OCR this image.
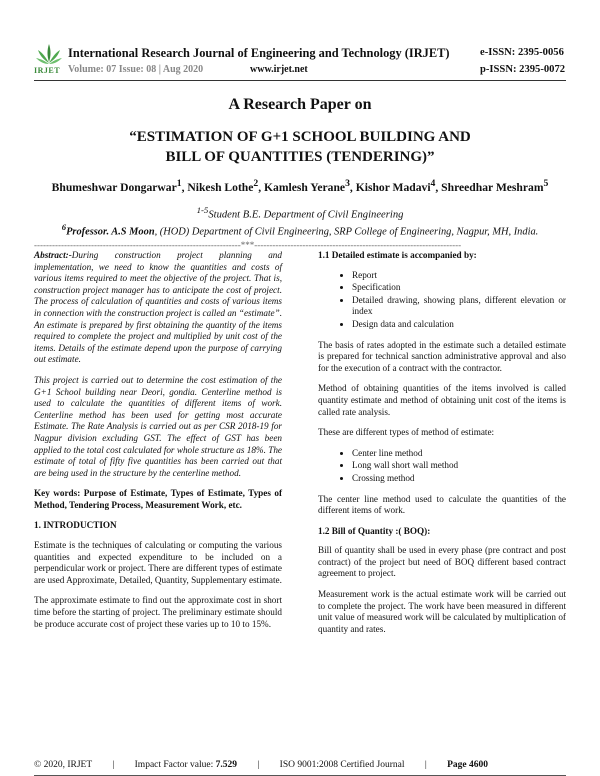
IRJET
International Research Journal of Engineering and Technology (IRJET)	e-ISSN: 2395-0056
Volume: 07 Issue: 08 | Aug 2020	www.irjet.net	p-ISSN: 2395-0072
A Research Paper on
“ESTIMATION OF G+1 SCHOOL BUILDING AND BILL OF QUANTITIES (TENDERING)”
Bhumeshwar Dongarwar$^1$, Nikesh Lothe$^2$, Kamlesh Yerane$^3$, Kishor Madavi$^4$, Shreedhar Meshram$^5$
$^{1-5}$Student B.E. Department of Civil Engineering
$^6$Professor. A.S Moon, (HOD) Department of Civil Engineering, SRP College of Engineering, Nagpur, MH, India.
---------------------------------------------------------------------***---------------------------------------------------------------------

Abstract:-During construction project planning and implementation, we need to know the quantities and costs of various items required to meet the objective of the project. That is, construction project manager has to anticipate the cost of project. The process of calculation of quantities and costs of various items in connection with the construction project is called an “estimate”. An estimate is prepared by first obtaining the quantity of the items required to complete the project and multiplied by unit cost of the items. Details of the estimate depend upon the purpose of carrying out estimate.

This project is carried out to determine the cost estimation of the G+1 School building near Deori, gondia. Centerline method is used to calculate the quantities of different items of work. Centerline method has been used for getting most accurate Estimate. The Rate Analysis is carried out as per CSR 2018-19 for Nagpur division excluding GST. The effect of GST has been applied to the total cost calculated for whole structure as 18%. The estimate of total of fifty five quantities has been carried out that are being used in the structure by the centerline method.

Key words: Purpose of Estimate, Types of Estimate, Types of Method, Tendering Process, Measurement Work, etc.

1. INTRODUCTION

Estimate is the techniques of calculating or computing the various quantities and expected expenditure to be included on a perpendicular work or project. There are different types of estimate are used Approximate, Detailed, Quantity, Supplementary estimate.

The approximate estimate to find out the approximate cost in short time before the starting of project. The preliminary estimate should be produce accurate cost of project these varies up to 10 to 15%.

1.1 Detailed estimate is accompanied by:

• Report
• Specification
• Detailed drawing, showing plans, different elevation or index
• Design data and calculation

The basis of rates adopted in the estimate such a detailed estimate is prepared for technical sanction administrative approval and also for the execution of a contract with the contractor.

Method of obtaining quantities of the items involved is called quantity estimate and method of obtaining unit cost of the items is called rate analysis.

These are different types of method of estimate:

• Center line method
• Long wall short wall method
• Crossing method

The center line method used to calculate the quantities of the different items of work.

1.2 Bill of Quantity :( BOQ):

Bill of quantity shall be used in every phase (pre contract and post contract) of the project but need of BOQ different based contract agreement to project.

Measurement work is the actual estimate work will be carried out to complete the project. The work have been measured in different unit value of measured work will be calculated by multiplication of quantity and rates.

© 2020, IRJET | Impact Factor value: 7.529 | ISO 9001:2008 Certified Journal | Page 4600
